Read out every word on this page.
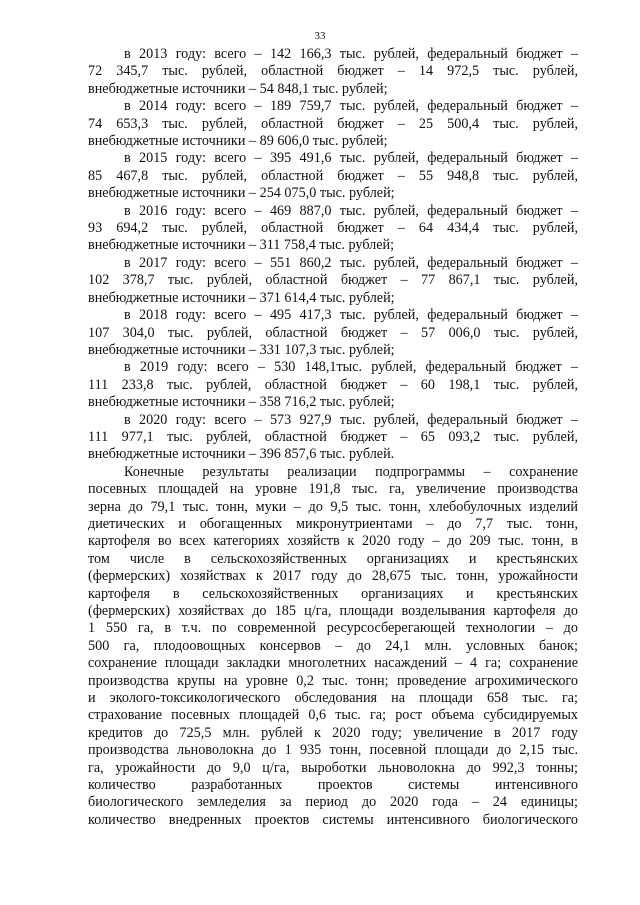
33
в 2013 году: всего – 142 166,3 тыс. рублей, федеральный бюджет –
72 345,7 тыс. рублей, областной бюджет – 14 972,5 тыс. рублей,
внебюджетные источники – 54 848,1 тыс. рублей;
в 2014 году: всего – 189 759,7 тыс. рублей, федеральный бюджет –
74 653,3 тыс. рублей, областной бюджет – 25 500,4 тыс. рублей,
внебюджетные источники – 89 606,0 тыс. рублей;
в 2015 году: всего – 395 491,6 тыс. рублей, федеральный бюджет –
85 467,8 тыс. рублей, областной бюджет – 55 948,8 тыс. рублей,
внебюджетные источники – 254 075,0 тыс. рублей;
в 2016 году: всего – 469 887,0 тыс. рублей, федеральный бюджет –
93 694,2 тыс. рублей, областной бюджет – 64 434,4 тыс. рублей,
внебюджетные источники – 311 758,4 тыс. рублей;
в 2017 году: всего – 551 860,2 тыс. рублей, федеральный бюджет –
102 378,7 тыс. рублей, областной бюджет – 77 867,1 тыс. рублей,
внебюджетные источники – 371 614,4 тыс. рублей;
в 2018 году: всего – 495 417,3 тыс. рублей, федеральный бюджет –
107 304,0 тыс. рублей, областной бюджет – 57 006,0 тыс. рублей,
внебюджетные источники – 331 107,3 тыс. рублей;
в 2019 году: всего – 530 148,1тыс. рублей, федеральный бюджет –
111 233,8 тыс. рублей, областной бюджет – 60 198,1 тыс. рублей,
внебюджетные источники – 358 716,2 тыс. рублей;
в 2020 году: всего – 573 927,9 тыс. рублей, федеральный бюджет –
111 977,1 тыс. рублей, областной бюджет – 65 093,2 тыс. рублей,
внебюджетные источники – 396 857,6 тыс. рублей.
Конечные результаты реализации подпрограммы – сохранение
посевных площадей на уровне 191,8 тыс. га, увеличение производства
зерна до 79,1 тыс. тонн, муки – до 9,5 тыс. тонн, хлебобулочных изделий
диетических и обогащенных микронутриентами – до 7,7 тыс. тонн,
картофеля во всех категориях хозяйств к 2020 году – до 209 тыс. тонн, в
том числе в сельскохозяйственных организациях и крестьянских
(фермерских) хозяйствах к 2017 году до 28,675 тыс. тонн, урожайности
картофеля в сельскохозяйственных организациях и крестьянских
(фермерских) хозяйствах до 185 ц/га, площади возделывания картофеля до
1 550 га, в т.ч. по современной ресурсосберегающей технологии – до
500 га, плодоовощных консервов – до 24,1 млн. условных банок;
сохранение площади закладки многолетних насаждений – 4 га; сохранение
производства крупы на уровне 0,2 тыс. тонн; проведение агрохимического
и эколого-токсикологического обследования на площади 658 тыс. га;
страхование посевных площадей 0,6 тыс. га; рост объема субсидируемых
кредитов до 725,5 млн. рублей к 2020 году; увеличение в 2017 году
производства льноволокна до 1 935 тонн, посевной площади до 2,15 тыс.
га, урожайности до 9,0 ц/га, выроботки льноволокна до 992,3 тонны;
количество разработанных проектов системы интенсивного
биологического земледелия за период до 2020 года – 24 единицы;
количество внедренных проектов системы интенсивного биологического
